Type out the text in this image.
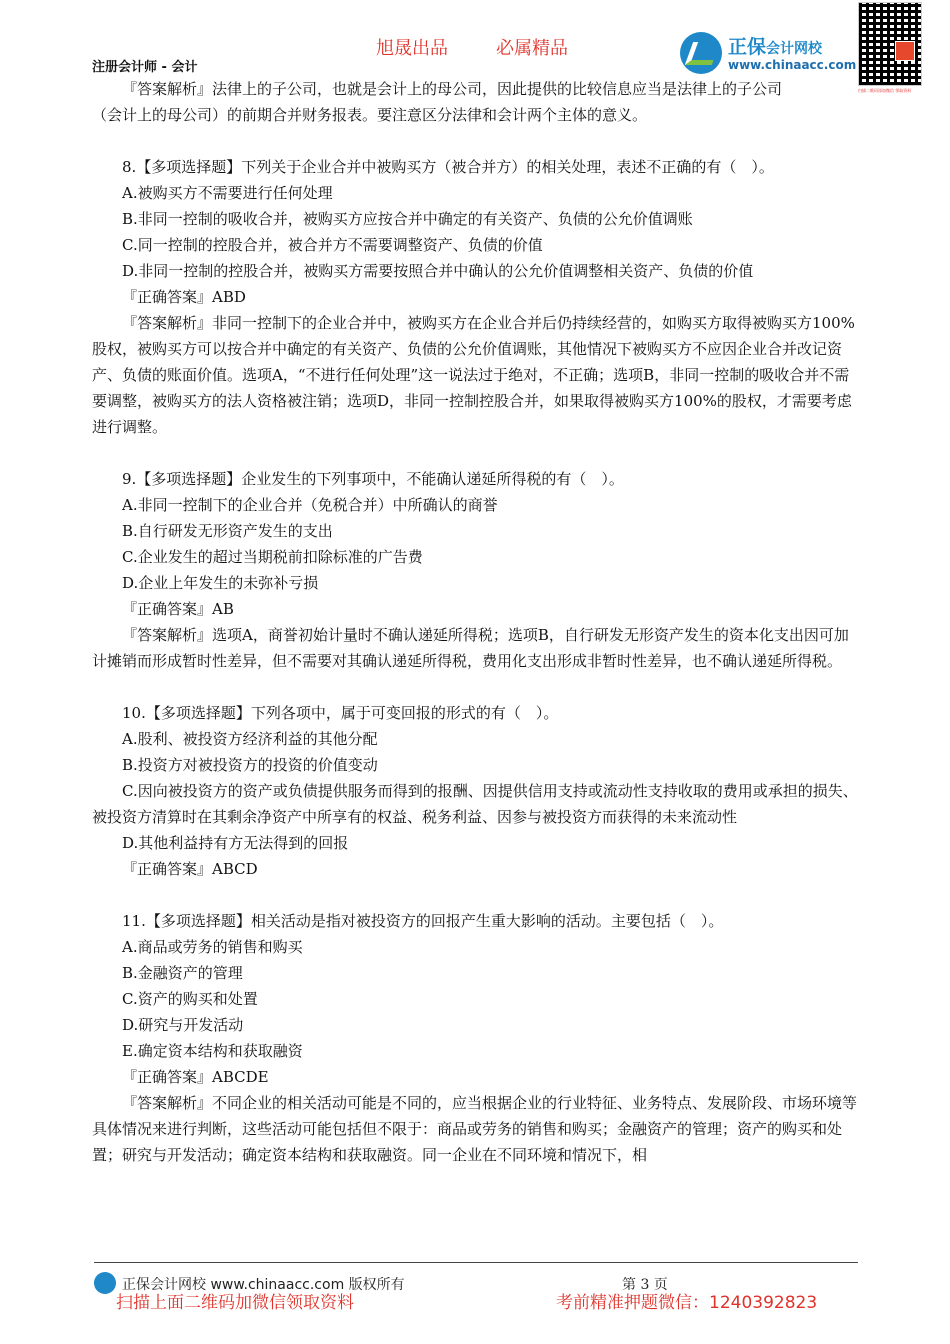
旭晟出品	必属精品
注册会计师 - 会计
正保会计网校
www.chinaacc.com
扫描二维码添加微信 领取资料

『答案解析』法律上的子公司，也就是会计上的母公司，因此提供的比较信息应当是法律上的子公司

（会计上的母公司）的前期合并财务报表。要注意区分法律和会计两个主体的意义。

8.【多项选择题】下列关于企业合并中被购买方（被合并方）的相关处理，表述不正确的有（　）。

A.被购买方不需要进行任何处理

B.非同一控制的吸收合并，被购买方应按合并中确定的有关资产、负债的公允价值调账

C.同一控制的控股合并，被合并方不需要调整资产、负债的价值

D.非同一控制的控股合并，被购买方需要按照合并中确认的公允价值调整相关资产、负债的价值

『正确答案』ABD

『答案解析』非同一控制下的企业合并中，被购买方在企业合并后仍持续经营的，如购买方取得被购买方100%股权，被购买方可以按合并中确定的有关资产、负债的公允价值调账，其他情况下被购买方不应因企业合并改记资产、负债的账面价值。选项A，“不进行任何处理”这一说法过于绝对，不正确；选项B，非同一控制的吸收合并不需要调整，被购买方的法人资格被注销；选项D，非同一控制控股合并，如果取得被购买方100%的股权，才需要考虑进行调整。

9.【多项选择题】企业发生的下列事项中，不能确认递延所得税的有（　）。

A.非同一控制下的企业合并（免税合并）中所确认的商誉

B.自行研发无形资产发生的支出

C.企业发生的超过当期税前扣除标准的广告费

D.企业上年发生的未弥补亏损

『正确答案』AB

『答案解析』选项A，商誉初始计量时不确认递延所得税；选项B，自行研发无形资产发生的资本化支出因可加计摊销而形成暂时性差异，但不需要对其确认递延所得税，费用化支出形成非暂时性差异，也不确认递延所得税。

10.【多项选择题】下列各项中，属于可变回报的形式的有（　）。

A.股利、被投资方经济利益的其他分配

B.投资方对被投资方的投资的价值变动

C.因向被投资方的资产或负债提供服务而得到的报酬、因提供信用支持或流动性支持收取的费用或承担的损失、被投资方清算时在其剩余净资产中所享有的权益、税务利益、因参与被投资方而获得的未来流动性

D.其他利益持有方无法得到的回报

『正确答案』ABCD

11.【多项选择题】相关活动是指对被投资方的回报产生重大影响的活动。主要包括（　）。

A.商品或劳务的销售和购买

B.金融资产的管理

C.资产的购买和处置

D.研究与开发活动

E.确定资本结构和获取融资

『正确答案』ABCDE

『答案解析』不同企业的相关活动可能是不同的，应当根据企业的行业特征、业务特点、发展阶段、市场环境等具体情况来进行判断，这些活动可能包括但不限于：商品或劳务的销售和购买；金融资产的管理；资产的购买和处置；研究与开发活动；确定资本结构和获取融资。同一企业在不同环境和情况下，相

正保会计网校 www.chinaacc.com 版权所有	第 3 页
扫描上面二维码加微信领取资料	考前精准押题微信：1240392823
